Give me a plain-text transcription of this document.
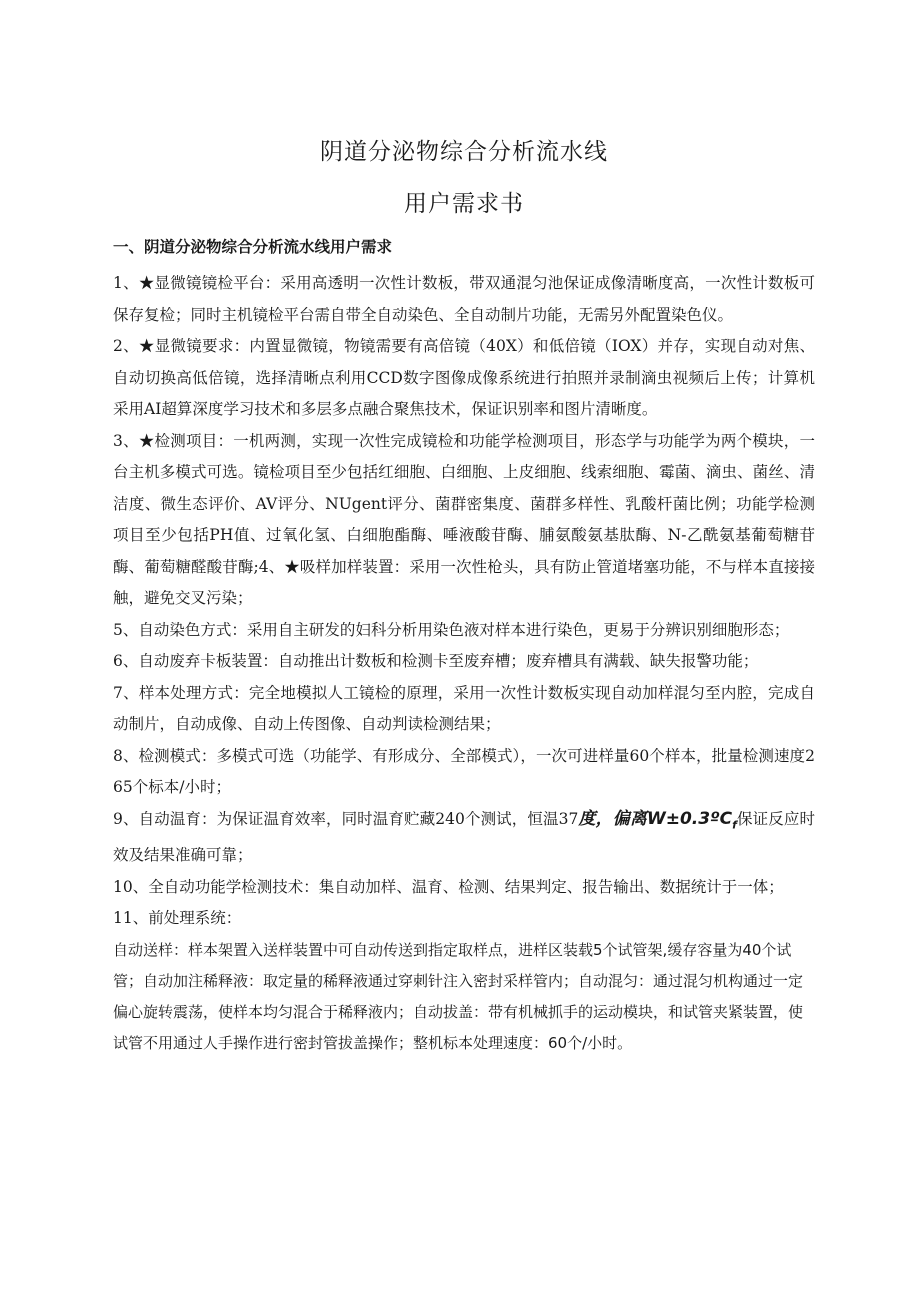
阴道分泌物综合分析流水线
用户需求书

一、阴道分泌物综合分析流水线用户需求

1、★显微镜镜检平台：采用高透明一次性计数板，带双通混匀池保证成像清晰度高，一次性计数板可保存复检；同时主机镜检平台需自带全自动染色、全自动制片功能，无需另外配置染色仪。

2、★显微镜要求：内置显微镜，物镜需要有高倍镜（40X）和低倍镜（IOX）并存，实现自动对焦、自动切换高低倍镜，选择清晰点利用CCD数字图像成像系统进行拍照并录制滴虫视频后上传；计算机采用AI超算深度学习技术和多层多点融合聚焦技术，保证识别率和图片清晰度。

3、★检测项目：一机两测，实现一次性完成镜检和功能学检测项目，形态学与功能学为两个模块，一台主机多模式可选。镜检项目至少包括红细胞、白细胞、上皮细胞、线索细胞、霉菌、滴虫、菌丝、清洁度、微生态评价、AV评分、NUgent评分、菌群密集度、菌群多样性、乳酸杆菌比例；功能学检测项目至少包括PH值、过氧化氢、白细胞酯酶、唾液酸苷酶、脯氨酸氨基肽酶、N-乙酰氨基葡萄糖苷酶、葡萄糖醛酸苷酶;4、★吸样加样装置：采用一次性枪头，具有防止管道堵塞功能，不与样本直接接触，避免交叉污染；

5、自动染色方式：采用自主研发的妇科分析用染色液对样本进行染色，更易于分辨识别细胞形态；

6、自动废弃卡板装置：自动推出计数板和检测卡至废弃槽；废弃槽具有满载、缺失报警功能；

7、样本处理方式：完全地模拟人工镜检的原理，采用一次性计数板实现自动加样混匀至内腔，完成自动制片，自动成像、自动上传图像、自动判读检测结果；

8、检测模式：多模式可选（功能学、有形成分、全部模式），一次可进样量60个样本，批量检测速度265个标本/小时；

9、自动温育：为保证温育效率，同时温育贮藏240个测试，恒温37度，偏离W±0.3ºC$_f$保证反应时效及结果准确可靠；

10、全自动功能学检测技术：集自动加样、温育、检测、结果判定、报告输出、数据统计于一体；

11、前处理系统：

自动送样：样本架置入送样装置中可自动传送到指定取样点，进样区装载5个试管架,缓存容量为40个试管；自动加注稀释液：取定量的稀释液通过穿刺针注入密封采样管内；自动混匀：通过混匀机构通过一定偏心旋转震荡，使样本均匀混合于稀释液内；自动拔盖：带有机械抓手的运动模块，和试管夹紧装置，使试管不用通过人手操作进行密封管拔盖操作；整机标本处理速度：60个/小时。
